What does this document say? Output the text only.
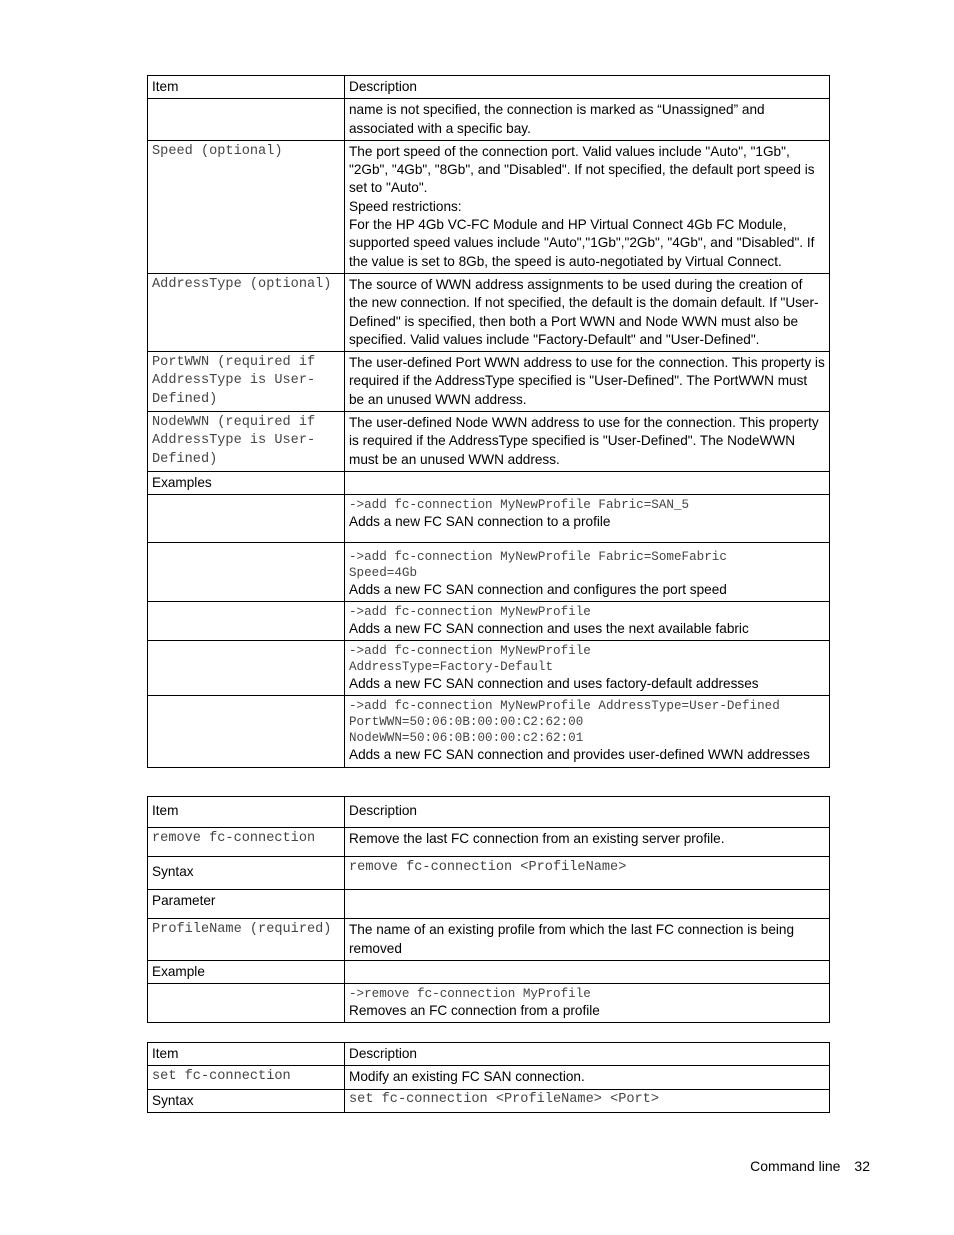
Item	Description
	name is not specified, the connection is marked as “Unassigned” and associated with a specific bay.
Speed (optional)	The port speed of the connection port. Valid values include "Auto", "1Gb", "2Gb", "4Gb", "8Gb", and "Disabled". If not specified, the default port speed is set to "Auto".
Speed restrictions:
For the HP 4Gb VC-FC Module and HP Virtual Connect 4Gb FC Module, supported speed values include "Auto","1Gb","2Gb", "4Gb", and "Disabled". If the value is set to 8Gb, the speed is auto-negotiated by Virtual Connect.

AddressType (optional)	The source of WWN address assignments to be used during the creation of the new connection. If not specified, the default is the domain default. If "User-Defined" is specified, then both a Port WWN and Node WWN must also be specified. Valid values include "Factory-Default" and "User-Defined".
PortWWN (required if AddressType is User-Defined)	The user-defined Port WWN address to use for the connection. This property is required if the AddressType specified is "User-Defined". The PortWWN must be an unused WWN address.
NodeWWN (required if AddressType is User-Defined)	The user-defined Node WWN address to use for the connection. This property is required if the AddressType specified is "User-Defined". The NodeWWN must be an unused WWN address.
Examples	

	->add fc-connection MyNewProfile Fabric=SAN_5
Adds a new FC SAN connection to a profile

	->add fc-connection MyNewProfile Fabric=SomeFabric
Speed=4Gb
Adds a new FC SAN connection and configures the port speed

	->add fc-connection MyNewProfile
Adds a new FC SAN connection and uses the next available fabric

	->add fc-connection MyNewProfile
AddressType=Factory-Default
Adds a new FC SAN connection and uses factory-default addresses

	->add fc-connection MyNewProfile AddressType=User-Defined
PortWWN=50:06:0B:00:00:C2:62:00
NodeWWN=50:06:0B:00:00:c2:62:01
Adds a new FC SAN connection and provides user-defined WWN addresses
Item	Description
remove fc-connection	Remove the last FC connection from an existing server profile.
Syntax	remove fc-connection <ProfileName>
Parameter	
ProfileName (required)	The name of an existing profile from which the last FC connection is being removed
Example	

	->remove fc-connection MyProfile
Removes an FC connection from a profile
Item	Description
set fc-connection	Modify an existing FC SAN connection.
Syntax	set fc-connection <ProfileName> <Port>
Command line 32
